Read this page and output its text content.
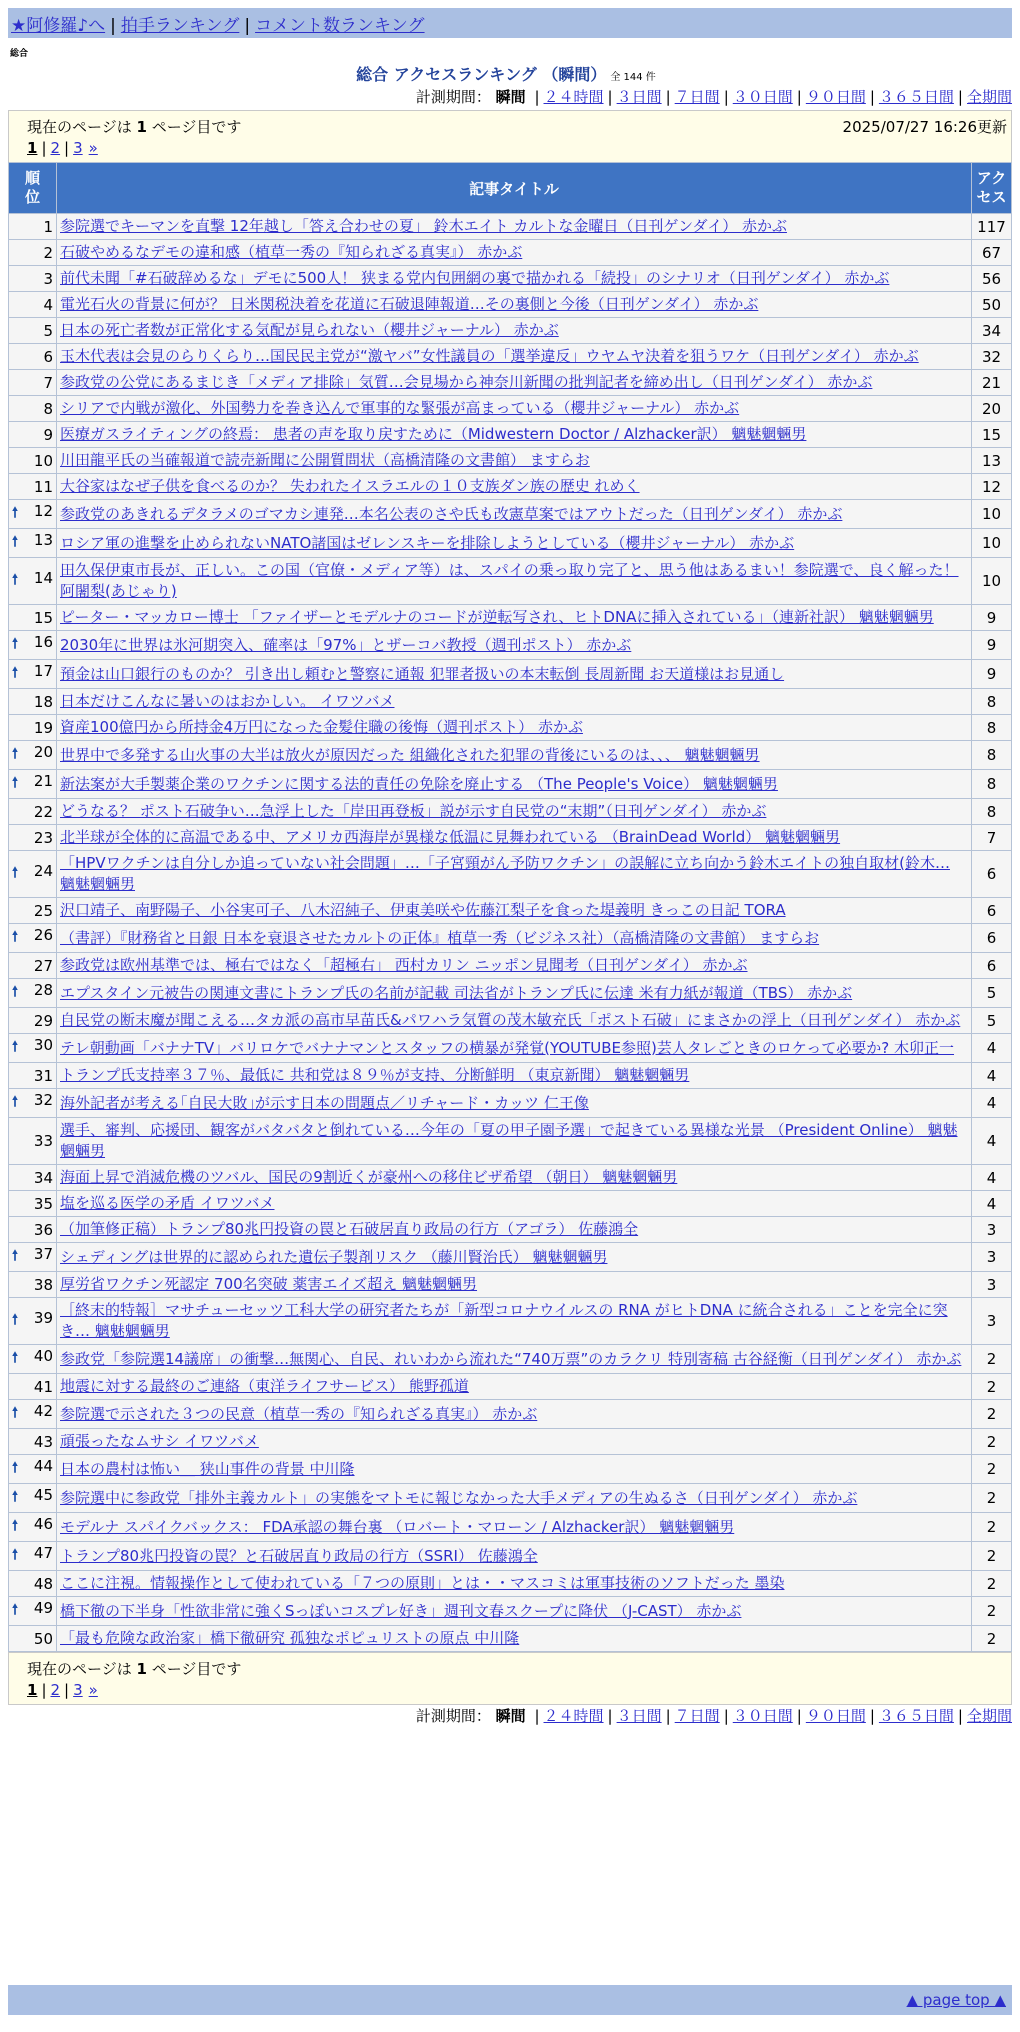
★阿修羅♪へ | 拍手ランキング | コメント数ランキング
総合
総合 アクセスランキング （瞬間） 全 144 件
計測期間： 瞬間 | ２４時間 | ３日間 | ７日間 | ３０日間 | ９０日間 | ３６５日間 | 全期間
現在のページは 1 ページ目です	2025/07/27 16:26更新
1 | 2 | 3 »
順位	記事タイトル	アクセス
1	参院選でキーマンを直撃 12年越し「答え合わせの夏」 鈴木エイト カルトな金曜日（日刊ゲンダイ） 赤かぶ	117
2	石破やめるなデモの違和感（植草一秀の『知られざる真実』） 赤かぶ	67
3	前代未聞「#石破辞めるな」デモに500人！ 狭まる党内包囲網の裏で描かれる「続投」のシナリオ（日刊ゲンダイ） 赤かぶ	56
4	電光石火の背景に何が？ 日米関税決着を花道に石破退陣報道…その裏側と今後（日刊ゲンダイ） 赤かぶ	50
5	日本の死亡者数が正常化する気配が見られない（櫻井ジャーナル） 赤かぶ	34
6	玉木代表は会見のらりくらり…国民民主党が“激ヤバ”女性議員の「選挙違反」ウヤムヤ決着を狙うワケ（日刊ゲンダイ） 赤かぶ	32
7	参政党の公党にあるまじき「メディア排除」気質…会見場から神奈川新聞の批判記者を締め出し（日刊ゲンダイ） 赤かぶ	21
8	シリアで内戦が激化、外国勢力を巻き込んで軍事的な緊張が高まっている（櫻井ジャーナル） 赤かぶ	20
9	医療ガスライティングの終焉： 患者の声を取り戻すために（Midwestern Doctor / Alzhacker訳） 魑魅魍魎男	15
10	川田龍平氏の当確報道で読売新聞に公開質問状（高橋清隆の文書館） ますらお	13
11	大谷家はなぜ子供を食べるのか？ 失われたイスラエルの１０支族ダン族の歴史 れめく	12

🠕 12	参政党のあきれるデタラメのゴマカシ連発…本名公表のさや氏も改憲草案ではアウトだった（日刊ゲンダイ） 赤かぶ	10

🠕 13	ロシア軍の進撃を止められないNATO諸国はゼレンスキーを排除しようとしている（櫻井ジャーナル） 赤かぶ	10

🠕 14	田久保伊東市長が、正しい。この国（官僚・メディア等）は、スパイの乗っ取り完了と、思う他はあるまい！参院選で、良く解った！ 阿闍梨(あじゃり)	10
15	ピーター・マッカロー博士 「ファイザーとモデルナのコードが逆転写され、ヒトDNAに挿入されている」（連新社訳） 魑魅魍魎男	9

🠕 16	2030年に世界は氷河期突入、確率は「97%」とザーコバ教授（週刊ポスト） 赤かぶ	9

🠕 17	預金は山口銀行のものか？ 引き出し頼むと警察に通報 犯罪者扱いの本末転倒 長周新聞 お天道様はお見通し	9
18	日本だけこんなに暑いのはおかしい。 イワツバメ	8
19	資産100億円から所持金4万円になった金髪住職の後悔（週刊ポスト） 赤かぶ	8

🠕 20	世界中で多発する山火事の大半は放火が原因だった 組織化された犯罪の背後にいるのは、、、 魑魅魍魎男	8

🠕 21	新法案が大手製薬企業のワクチンに関する法的責任の免除を廃止する （The People's Voice） 魑魅魍魎男	8
22	どうなる？ ポスト石破争い…急浮上した「岸田再登板」説が示す自民党の“末期”（日刊ゲンダイ） 赤かぶ	8
23	北半球が全体的に高温である中、アメリカ西海岸が異様な低温に見舞われている （BrainDead World） 魑魅魍魎男	7

🠕 24	「HPVワクチンは自分しか追っていない社会問題」…「子宮頸がん予防ワクチン」の誤解に立ち向かう鈴木エイトの独自取材(鈴木… 魑魅魍魎男	6
25	沢口靖子、南野陽子、小谷実可子、八木沼純子、伊東美咲や佐藤江梨子を食った堤義明 きっこの日記 TORA	6

🠕 26	（書評）『財務省と日銀 日本を衰退させたカルトの正体』植草一秀（ビジネス社）（高橋清隆の文書館） ますらお	6
27	参政党は欧州基準では、極右ではなく「超極右」 西村カリン ニッポン見聞考（日刊ゲンダイ） 赤かぶ	6

🠕 28	エプスタイン元被告の関連文書にトランプ氏の名前が記載 司法省がトランプ氏に伝達 米有力紙が報道（TBS） 赤かぶ	5
29	自民党の断末魔が聞こえる…タカ派の高市早苗氏&パワハラ気質の茂木敏充氏「ポスト石破」にまさかの浮上（日刊ゲンダイ） 赤かぶ	5

🠕 30	テレ朝動画「バナナTV」バリロケでバナナマンとスタッフの横暴が発覚(YOUTUBE参照)芸人タレごときのロケって必要か? 木卯正一	4
31	トランプ氏支持率３７％、最低に 共和党は８９％が支持、分断鮮明 （東京新聞） 魑魅魍魎男	4

🠕 32	海外記者が考える｢自民大敗｣が示す日本の問題点／リチャード・カッツ 仁王像	4
33	選手、審判、応援団、観客がバタバタと倒れている…今年の「夏の甲子園予選」で起きている異様な光景 （President Online） 魑魅魍魎男	4
34	海面上昇で消滅危機のツバル、国民の9割近くが豪州への移住ビザ希望 （朝日） 魑魅魍魎男	4
35	塩を巡る医学の矛盾 イワツバメ	4
36	（加筆修正稿）トランプ80兆円投資の罠と石破居直り政局の行方（アゴラ） 佐藤鴻全	3

🠕 37	シェディングは世界的に認められた遺伝子製剤リスク （藤川賢治氏） 魑魅魍魎男	3
38	厚労省ワクチン死認定 700名突破 薬害エイズ超え 魑魅魍魎男	3

🠕 39	［終末的特報］マサチューセッツ工科大学の研究者たちが「新型コロナウイルスの RNA がヒトDNA に統合される」ことを完全に突き… 魑魅魍魎男	3

🠕 40	参政党「参院選14議席」の衝撃…無関心、自民、れいわから流れた“740万票”のカラクリ 特別寄稿 古谷経衡（日刊ゲンダイ） 赤かぶ	2
41	地震に対する最終のご連絡（東洋ライフサービス） 熊野孤道	2

🠕 42	参院選で示された３つの民意（植草一秀の『知られざる真実』） 赤かぶ	2
43	頑張ったなムサシ イワツバメ	2

🠕 44	日本の農村は怖い＿ 狭山事件の背景 中川隆	2

🠕 45	参院選中に参政党「排外主義カルト」の実態をマトモに報じなかった大手メディアの生ぬるさ（日刊ゲンダイ） 赤かぶ	2

🠕 46	モデルナ スパイクバックス： FDA承認の舞台裏 （ロバート・マローン / Alzhacker訳） 魑魅魍魎男	2

🠕 47	トランプ80兆円投資の罠？と石破居直り政局の行方（SSRI） 佐藤鴻全	2
48	ここに注視。情報操作として使われている「７つの原則」とは・・マスコミは軍事技術のソフトだった 墨染	2

🠕 49	橋下徹の下半身「性欲非常に強くSっぽいコスプレ好き」週刊文春スクープに降伏 （J-CAST） 赤かぶ	2
50	「最も危険な政治家」橋下徹研究 孤独なポピュリストの原点 中川隆	2
現在のページは 1 ページ目です
1 | 2 | 3 »
計測期間： 瞬間 | ２４時間 | ３日間 | ７日間 | ３０日間 | ９０日間 | ３６５日間 | 全期間
▲ page top ▲
